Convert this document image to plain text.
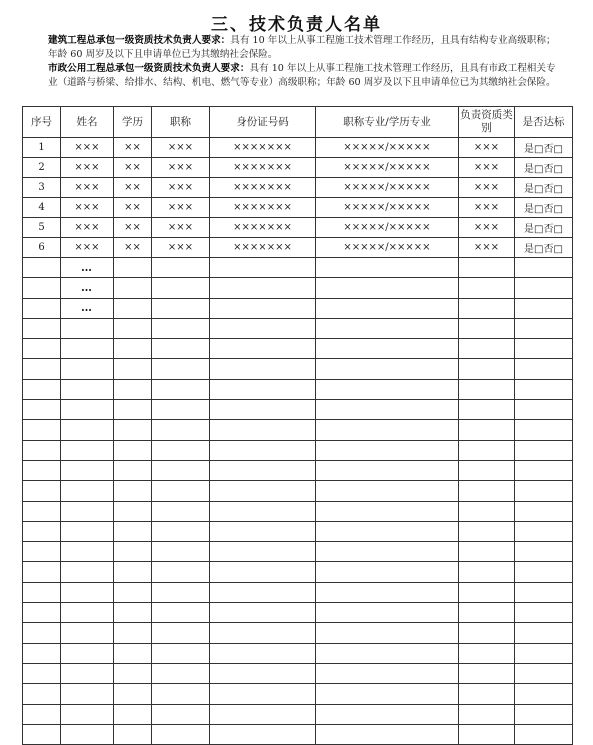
三、技术负责人名单
建筑工程总承包一级资质技术负责人要求：具有 10 年以上从事工程施工技术管理工作经历，且具有结构专业高级职称；年龄 60 周岁及以下且申请单位已为其缴纳社会保险。
市政公用工程总承包一级资质技术负责人要求：具有 10 年以上从事工程施工技术管理工作经历，且具有市政工程相关专业（道路与桥梁、给排水、结构、机电、燃气等专业）高级职称；年龄 60 周岁及以下且申请单位已为其缴纳社会保险。
序号	姓名	学历	职称	身份证号码	职称专业/学历专业	负责资质类别	是否达标
1	×××	××	×××	×××××××	×××××/×××××	×××	是□否□
2	×××	××	×××	×××××××	×××××/×××××	×××	是□否□
3	×××	××	×××	×××××××	×××××/×××××	×××	是□否□
4	×××	××	×××	×××××××	×××××/×××××	×××	是□否□
5	×××	××	×××	×××××××	×××××/×××××	×××	是□否□
6	×××	××	×××	×××××××	×××××/×××××	×××	是□否□
	…						
	…						
	…						
